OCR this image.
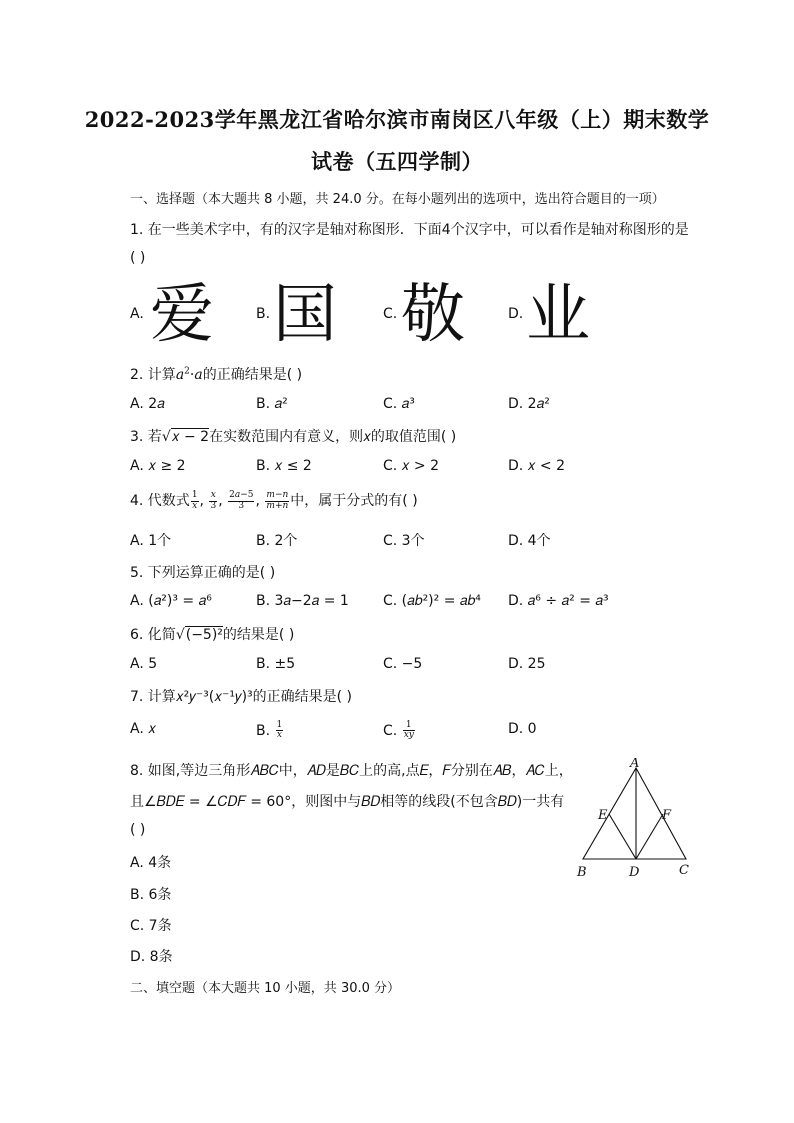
2022-2023学年黑龙江省哈尔滨市南岗区八年级（上）期末数学
试卷（五四学制）
一、选择题（本大题共 8 小题，共 24.0 分。在每小题列出的选项中，选出符合题目的一项）
1. 在一些美术字中，有的汉字是轴对称图形．下面4个汉字中，可以看作是轴对称图形的是
( )
A. 爱	B. 国	C. 敬	D. 业
2. 计算$a^2\cdot a$的正确结果是( )
A. 2𝑎	B. 𝑎²	C. 𝑎³	D. 2𝑎²
3. 若√𝑥 − 2在实数范围内有意义，则𝑥的取值范围( )
A. 𝑥 ≥ 2	B. 𝑥 ≤ 2	C. 𝑥 > 2	D. 𝑥 < 2
4. 代数式 $\frac{1}{x}$ , $\frac{x}{3}$ , $\frac{2a-5}{3}$ , $\frac{m-n}{m+n}$ 中，属于分式的有( )
A. 1个	B. 2个	C. 3个	D. 4个
5. 下列运算正确的是( )
A. (𝑎²)³ = 𝑎⁶	B. 3𝑎−2𝑎 = 1 C. (𝑎𝑏²)² = 𝑎𝑏⁴ D. 𝑎⁶ ÷ 𝑎² = 𝑎³
6. 化简√(−5)²的结果是( )
A. 5	B. ±5	C. −5	D. 25
7. 计算𝑥²𝑦⁻³(𝑥⁻¹𝑦)³的正确结果是( )
A. 𝑥	B. $\frac{1}{x}$	C. $\frac{1}{xy}$	D. 0
8. 如图,等边三角形𝐴𝐵𝐶中，𝐴𝐷是𝐵𝐶上的高,点𝐸，𝐹分别在𝐴𝐵，𝐴𝐶上，
且∠𝐵𝐷𝐸 = ∠𝐶𝐷𝐹 = 60°，则图中与𝐵𝐷相等的线段(不包含𝐵𝐷)一共有
( )
A. 4条
B. 6条
C. 7条
D. 8条
A
E	F
B	D	C
二、填空题（本大题共 10 小题，共 30.0 分）
